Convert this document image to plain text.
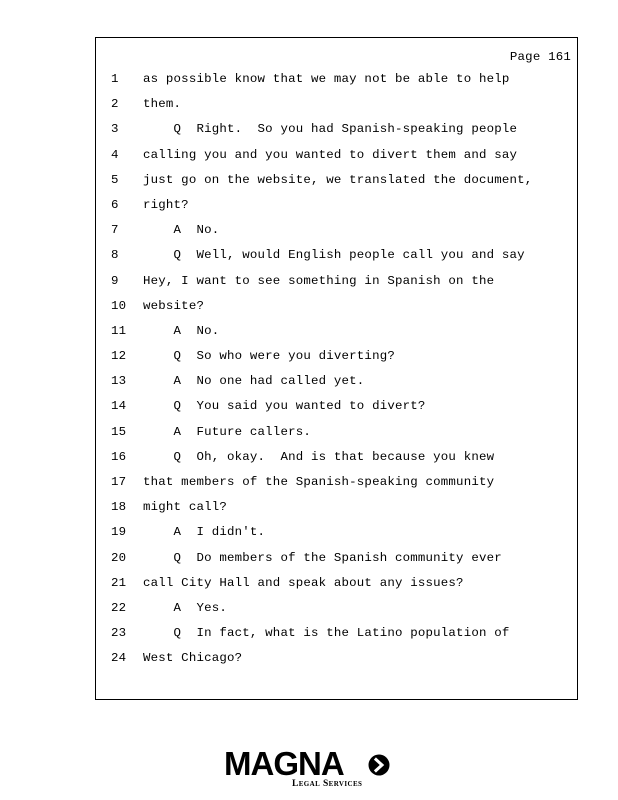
Page 161
1	as possible know that we may not be able to help
2	them.
3	Q  Right.  So you had Spanish-speaking people
4	calling you and you wanted to divert them and say
5	just go on the website, we translated the document,
6	right?
7	A  No.
8	Q  Well, would English people call you and say
9	Hey, I want to see something in Spanish on the
10	website?
11	A  No.
12	Q  So who were you diverting?
13	A  No one had called yet.
14	Q  You said you wanted to divert?
15	A  Future callers.
16	Q  Oh, okay.  And is that because you knew
17	that members of the Spanish-speaking community
18	might call?
19	A  I didn't.
20	Q  Do members of the Spanish community ever
21	call City Hall and speak about any issues?
22	A  Yes.
23	Q  In fact, what is the Latino population of
24	West Chicago?
MAGNA
Legal Services
